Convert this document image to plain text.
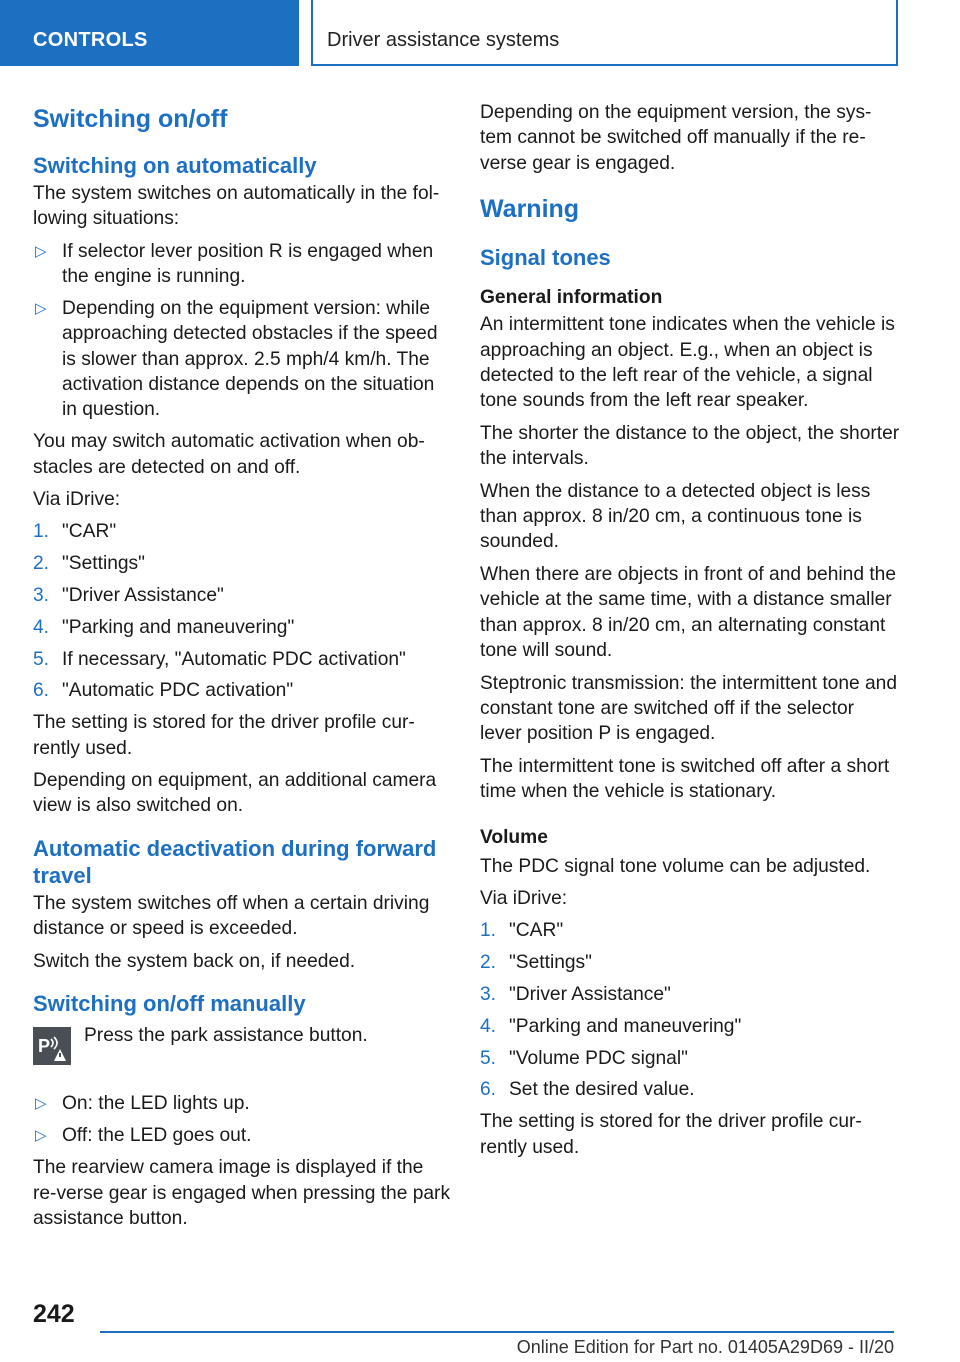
CONTROLS	Driver assistance systems
Switching on/off
Switching on automatically

The system switches on automatically in the fol-lowing situations:

▷ If selector lever position R is engaged when the engine is running.
▷ Depending on the equipment version: while approaching detected obstacles if the speed is slower than approx. 2.5 mph/4 km/h. The activation distance depends on the situation in question.

You may switch automatic activation when ob-stacles are detected on and off.

Via iDrive:

1. "CAR"
2. "Settings"
3. "Driver Assistance"
4. "Parking and maneuvering"
5. If necessary, "Automatic PDC activation"
6. "Automatic PDC activation"

The setting is stored for the driver profile cur-rently used.

Depending on equipment, an additional camera view is also switched on.

Automatic deactivation during forward travel

The system switches off when a certain driving distance or speed is exceeded.

Switch the system back on, if needed.

Switching on/off manually
P Press the park assistance button.
▷ On: the LED lights up.
▷ Off: the LED goes out.

The rearview camera image is displayed if the re-verse gear is engaged when pressing the park assistance button.

Depending on the equipment version, the sys-tem cannot be switched off manually if the re-verse gear is engaged.

Warning
Signal tones
General information

An intermittent tone indicates when the vehicle is approaching an object. E.g., when an object is detected to the left rear of the vehicle, a signal tone sounds from the left rear speaker.

The shorter the distance to the object, the shorter the intervals.

When the distance to a detected object is less than approx. 8 in/20 cm, a continuous tone is sounded.

When there are objects in front of and behind the vehicle at the same time, with a distance smaller than approx. 8 in/20 cm, an alternating constant tone will sound.

Steptronic transmission: the intermittent tone and constant tone are switched off if the selector lever position P is engaged.

The intermittent tone is switched off after a short time when the vehicle is stationary.

Volume

The PDC signal tone volume can be adjusted.

Via iDrive:

1. "CAR"
2. "Settings"
3. "Driver Assistance"
4. "Parking and maneuvering"
5. "Volume PDC signal"
6. Set the desired value.

The setting is stored for the driver profile cur-rently used.

242
Online Edition for Part no. 01405A29D69 - II/20
